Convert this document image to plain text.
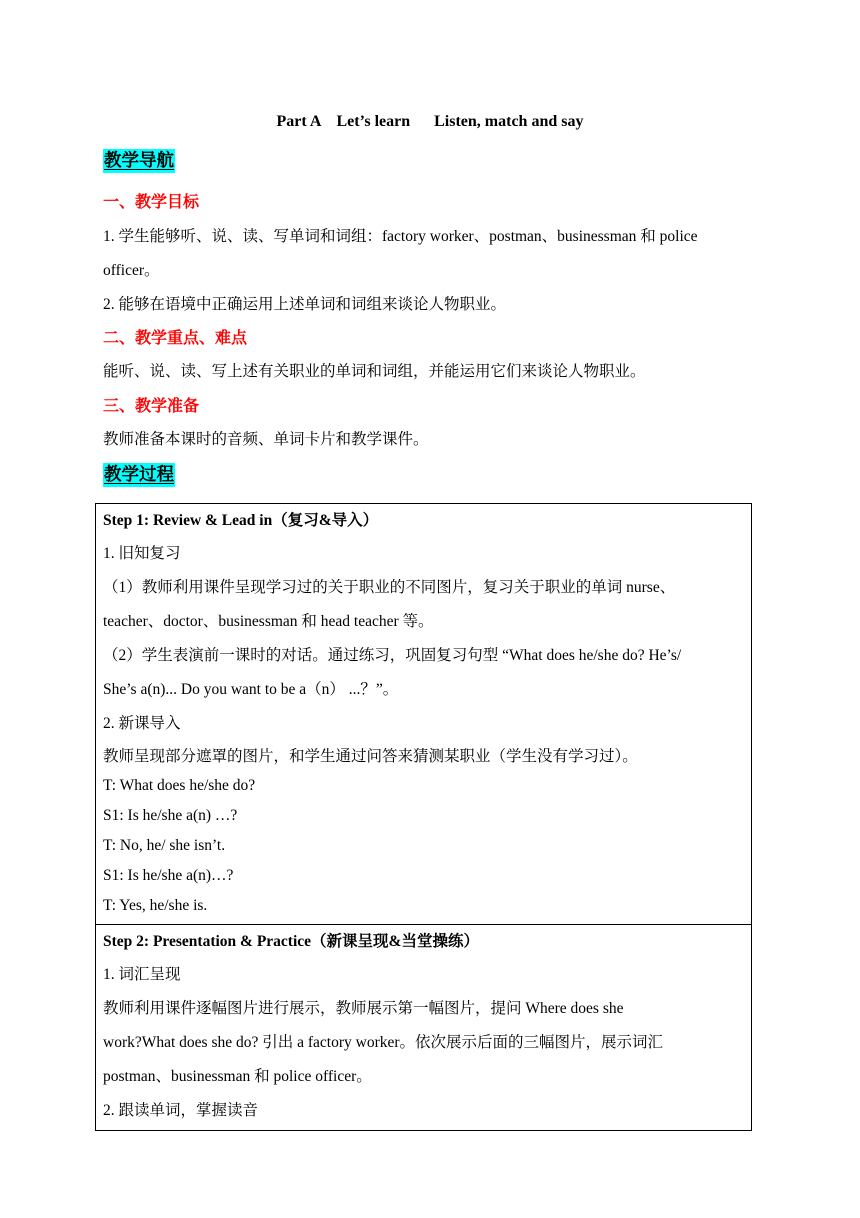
Part A    Let’s learn      Listen, match and say
教学导航
一、教学目标
1. 学生能够听、说、读、写单词和词组：factory worker、postman、businessman 和 police
officer。
2. 能够在语境中正确运用上述单词和词组来谈论人物职业。
二、教学重点、难点
能听、说、读、写上述有关职业的单词和词组，并能运用它们来谈论人物职业。
三、教学准备
教师准备本课时的音频、单词卡片和教学课件。
教学过程
Step 1: Review & Lead in（复习&导入）
1. 旧知复习
（1）教师利用课件呈现学习过的关于职业的不同图片，复习关于职业的单词 nurse、
teacher、doctor、businessman 和 head teacher 等。
（2）学生表演前一课时的对话。通过练习，巩固复习句型 “What does he/she do? He’s/
She’s a(n)... Do you want to be a（n） ...？”。
2. 新课导入
教师呈现部分遮罩的图片，和学生通过问答来猜测某职业（学生没有学习过）。
T: What does he/she do?
S1: Is he/she a(n) …?
T: No, he/ she isn’t.
S1: Is he/she a(n)…?
T: Yes, he/she is.
Step 2: Presentation & Practice（新课呈现&当堂操练）
1. 词汇呈现
教师利用课件逐幅图片进行展示，教师展示第一幅图片，提问 Where does she
work?What does she do? 引出 a factory worker。依次展示后面的三幅图片，展示词汇
postman、businessman 和 police officer。
2. 跟读单词，掌握读音
